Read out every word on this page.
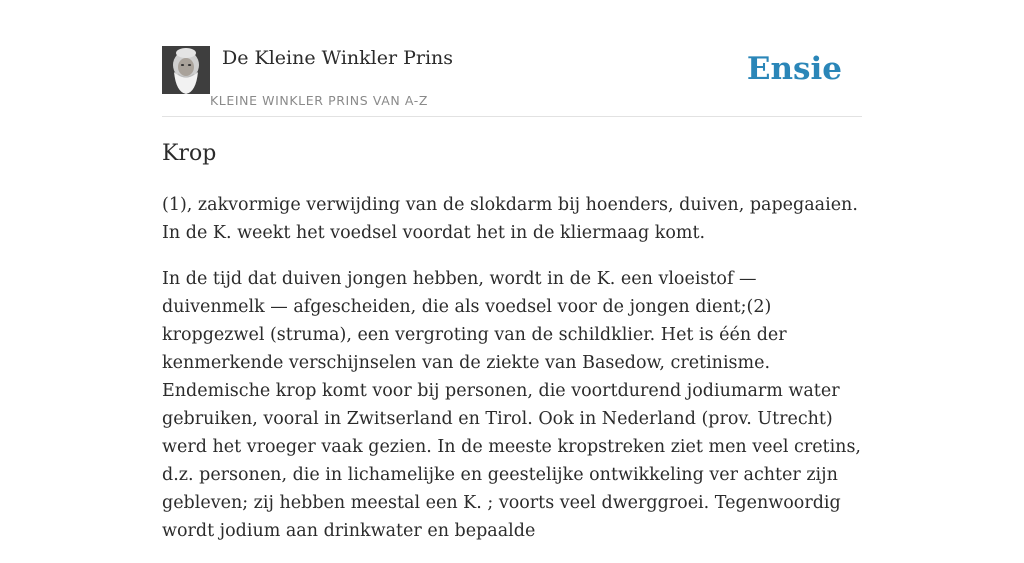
De Kleine Winkler Prins
KLEINE WINKLER PRINS VAN A-Z
Ensie
Krop

(1), zakvormige verwijding van de slokdarm bij hoenders, duiven, papegaaien. In de K. weekt het voedsel voordat het in de kliermaag komt.

In de tijd dat duiven jongen hebben, wordt in de K. een vloeistof — duivenmelk — afgescheiden, die als voedsel voor de jongen dient;(2) kropgezwel (struma), een vergroting van de schildklier. Het is één der kenmerkende verschijnselen van de ziekte van Basedow, cretinisme. Endemische krop komt voor bij personen, die voortdurend jodiumarm water gebruiken, vooral in Zwitserland en Tirol. Ook in Nederland (prov. Utrecht) werd het vroeger vaak gezien. In de meeste kropstreken ziet men veel cretins, d.z. personen, die in lichamelijke en geestelijke ontwikkeling ver achter zijn gebleven; zij hebben meestal een K. ; voorts veel dwerggroei. Tegenwoordig wordt jodium aan drinkwater en bepaalde
